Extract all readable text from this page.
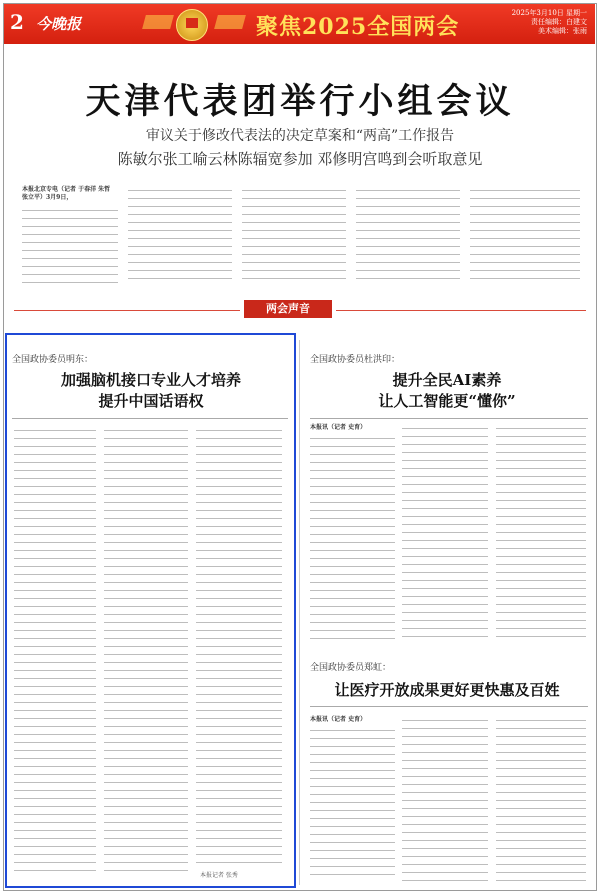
2 今晚报	聚焦2025全国两会
2025年3月10日 星期一
责任编辑：白建文
美术编辑：张雨
天津代表团举行小组会议
审议关于修改代表法的决定草案和“两高”工作报告
陈敏尔张工喻云林陈辐宽参加 邓修明宫鸣到会听取意见
本报北京专电（记者 于春洋 朱哲 张立平）3月9日，
两会声音
全国政协委员明东：
加强脑机接口专业人才培养
提升中国话语权
本报记者 张秀
全国政协委员杜洪印：
提升全民AI素养
让人工智能更“懂你”
本报讯（记者 史育）
全国政协委员郑虹：
让医疗开放成果更好更快惠及百姓
本报讯（记者 史育）
